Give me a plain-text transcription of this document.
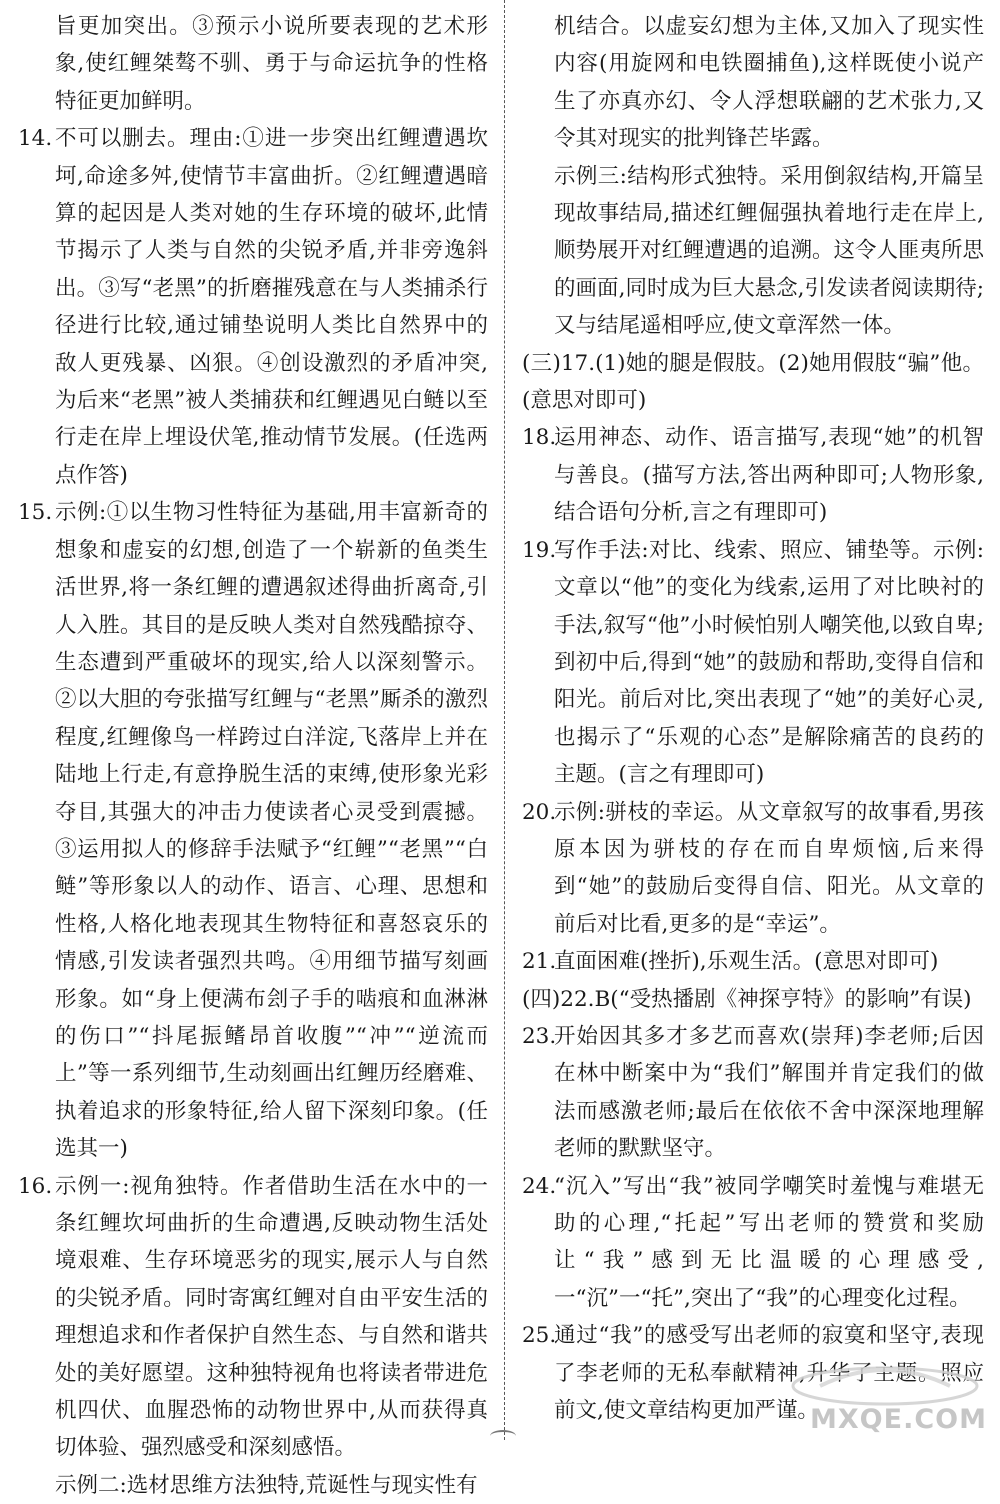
旨更加突出。③预示小说所要表现的艺术形象,使红鲤桀骜不驯、勇于与命运抗争的性格特征更加鲜明。

14. 不可以删去。理由:①进一步突出红鲤遭遇坎坷,命途多舛,使情节丰富曲折。②红鲤遭遇暗算的起因是人类对她的生存环境的破坏,此情节揭示了人类与自然的尖锐矛盾,并非旁逸斜出。③写“老黑”的折磨摧残意在与人类捕杀行径进行比较,通过铺垫说明人类比自然界中的敌人更残暴、凶狠。④创设激烈的矛盾冲突,为后来“老黑”被人类捕获和红鲤遇见白鲢以至行走在岸上埋设伏笔,推动情节发展。(任选两点作答)

15. 示例:①以生物习性特征为基础,用丰富新奇的想象和虚妄的幻想,创造了一个崭新的鱼类生活世界,将一条红鲤的遭遇叙述得曲折离奇,引人入胜。其目的是反映人类对自然残酷掠夺、生态遭到严重破坏的现实,给人以深刻警示。②以大胆的夸张描写红鲤与“老黑”厮杀的激烈程度,红鲤像鸟一样跨过白洋淀,飞落岸上并在陆地上行走,有意挣脱生活的束缚,使形象光彩夺目,其强大的冲击力使读者心灵受到震撼。③运用拟人的修辞手法赋予“红鲤”“老黑”“白鲢”等形象以人的动作、语言、心理、思想和性格,人格化地表现其生物特征和喜怒哀乐的情感,引发读者强烈共鸣。④用细节描写刻画形象。如“身上便满布刽子手的啮痕和血淋淋的伤口”“抖尾振鳍昂首收腹”“冲”“逆流而上”等一系列细节,生动刻画出红鲤历经磨难、执着追求的形象特征,给人留下深刻印象。(任选其一)

16. 示例一:视角独特。作者借助生活在水中的一条红鲤坎坷曲折的生命遭遇,反映动物生活处境艰难、生存环境恶劣的现实,展示人与自然的尖锐矛盾。同时寄寓红鲤对自由平安生活的理想追求和作者保护自然生态、与自然和谐共处的美好愿望。这种独特视角也将读者带进危机四伏、血腥恐怖的动物世界中,从而获得真切体验、强烈感受和深刻感悟。

示例二:选材思维方法独特,荒诞性与现实性有

机结合。以虚妄幻想为主体,又加入了现实性内容(用旋网和电铁圈捕鱼),这样既使小说产生了亦真亦幻、令人浮想联翩的艺术张力,又令其对现实的批判锋芒毕露。

示例三:结构形式独特。采用倒叙结构,开篇呈现故事结局,描述红鲤倔强执着地行走在岸上,顺势展开对红鲤遭遇的追溯。这令人匪夷所思的画面,同时成为巨大悬念,引发读者阅读期待;又与结尾遥相呼应,使文章浑然一体。

(三)17.(1)她的腿是假肢。(2)她用假肢“骗”他。(意思对即可)

18.
运用神态、动作、语言描写,表现“她”的机智与善良。(描写方法,答出两种即可;人物形象,结合语句分析,言之有理即可)

19.
写作手法:对比、线索、照应、铺垫等。示例:文章以“他”的变化为线索,运用了对比映衬的手法,叙写“他”小时候怕别人嘲笑他,以致自卑;到初中后,得到“她”的鼓励和帮助,变得自信和阳光。前后对比,突出表现了“她”的美好心灵,也揭示了“乐观的心态”是解除痛苦的良药的主题。(言之有理即可)

20.
示例:骈枝的幸运。从文章叙写的故事看,男孩原本因为骈枝的存在而自卑烦恼,后来得到“她”的鼓励后变得自信、阳光。从文章的前后对比看,更多的是“幸运”。

21.
直面困难(挫折),乐观生活。(意思对即可)

(四)22.B(“受热播剧《神探亨特》的影响”有误)

23.
开始因其多才多艺而喜欢(崇拜)李老师;后因在林中断案中为“我们”解围并肯定我们的做法而感激老师;最后在依依不舍中深深地理解老师的默默坚守。

24.
“沉入”写出“我”被同学嘲笑时羞愧与难堪无助的心理,“托起”写出老师的赞赏和奖励让“我”感到无比温暖的心理感受,一“沉”一“托”,突出了“我”的心理变化过程。

25.
通过“我”的感受写出老师的寂寞和坚守,表现了李老师的无私奉献精神,升华了主题。照应前文,使文章结构更加严谨。

MXQE.COM
